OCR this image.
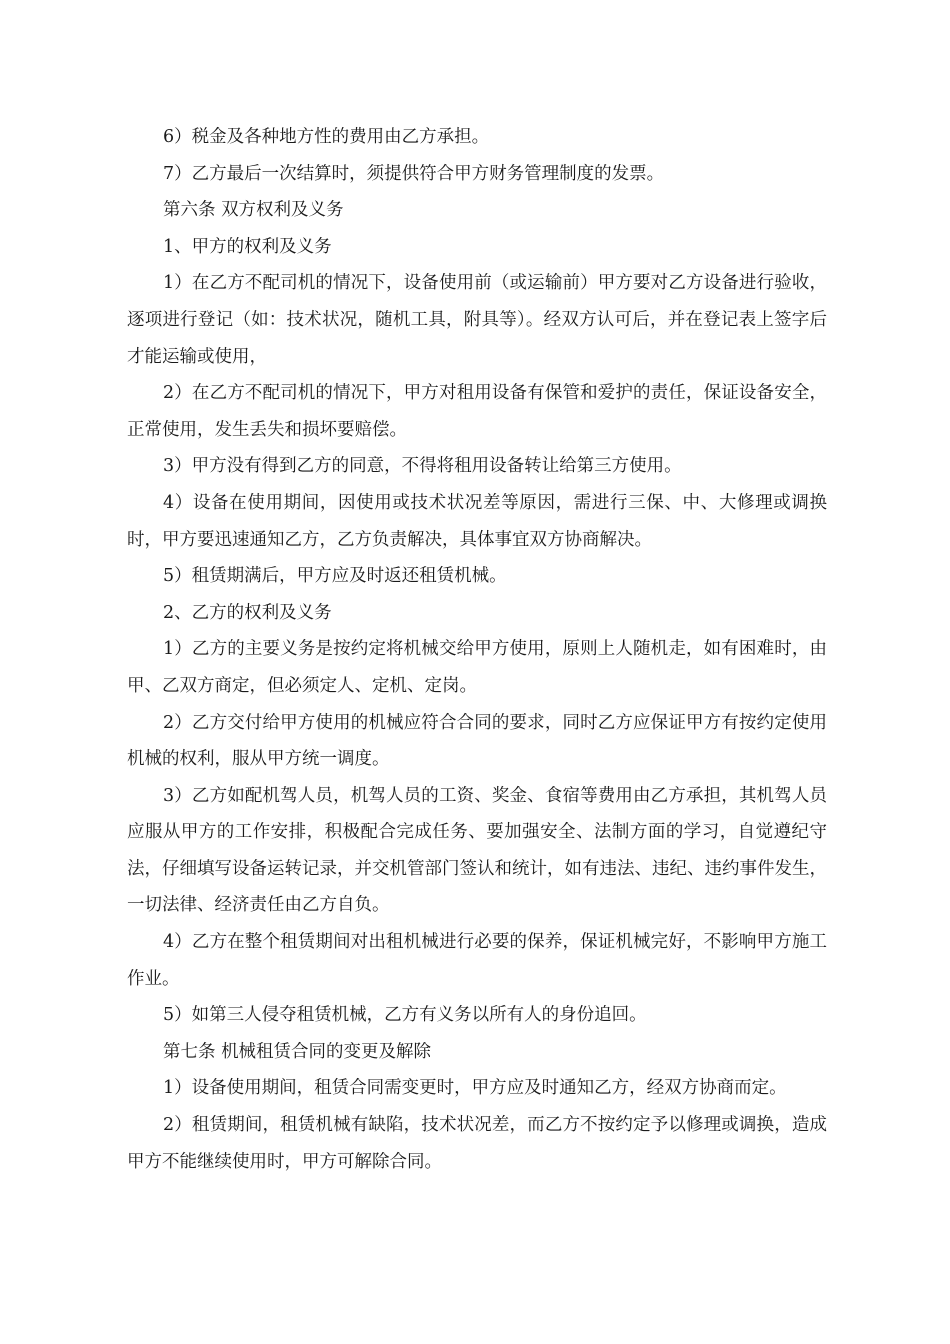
6）税金及各种地方性的费用由乙方承担。

7）乙方最后一次结算时，须提供符合甲方财务管理制度的发票。

第六条 双方权利及义务

1、甲方的权利及义务

1）在乙方不配司机的情况下，设备使用前（或运输前）甲方要对乙方设备进行验收，逐项进行登记（如：技术状况，随机工具，附具等）。经双方认可后，并在登记表上签字后才能运输或使用，

2）在乙方不配司机的情况下，甲方对租用设备有保管和爱护的责任，保证设备安全，正常使用，发生丢失和损坏要赔偿。

3）甲方没有得到乙方的同意，不得将租用设备转让给第三方使用。

4）设备在使用期间，因使用或技术状况差等原因，需进行三保、中、大修理或调换时，甲方要迅速通知乙方，乙方负责解决，具体事宜双方协商解决。

5）租赁期满后，甲方应及时返还租赁机械。

2、乙方的权利及义务

1）乙方的主要义务是按约定将机械交给甲方使用，原则上人随机走，如有困难时，由甲、乙双方商定，但必须定人、定机、定岗。

2）乙方交付给甲方使用的机械应符合合同的要求，同时乙方应保证甲方有按约定使用机械的权利，服从甲方统一调度。

3）乙方如配机驾人员，机驾人员的工资、奖金、食宿等费用由乙方承担，其机驾人员应服从甲方的工作安排，积极配合完成任务、要加强安全、法制方面的学习，自觉遵纪守法，仔细填写设备运转记录，并交机管部门签认和统计，如有违法、违纪、违约事件发生，一切法律、经济责任由乙方自负。

4）乙方在整个租赁期间对出租机械进行必要的保养，保证机械完好，不影响甲方施工作业。

5）如第三人侵夺租赁机械，乙方有义务以所有人的身份追回。

第七条 机械租赁合同的变更及解除

1）设备使用期间，租赁合同需变更时，甲方应及时通知乙方，经双方协商而定。

2）租赁期间，租赁机械有缺陷，技术状况差，而乙方不按约定予以修理或调换，造成甲方不能继续使用时，甲方可解除合同。
